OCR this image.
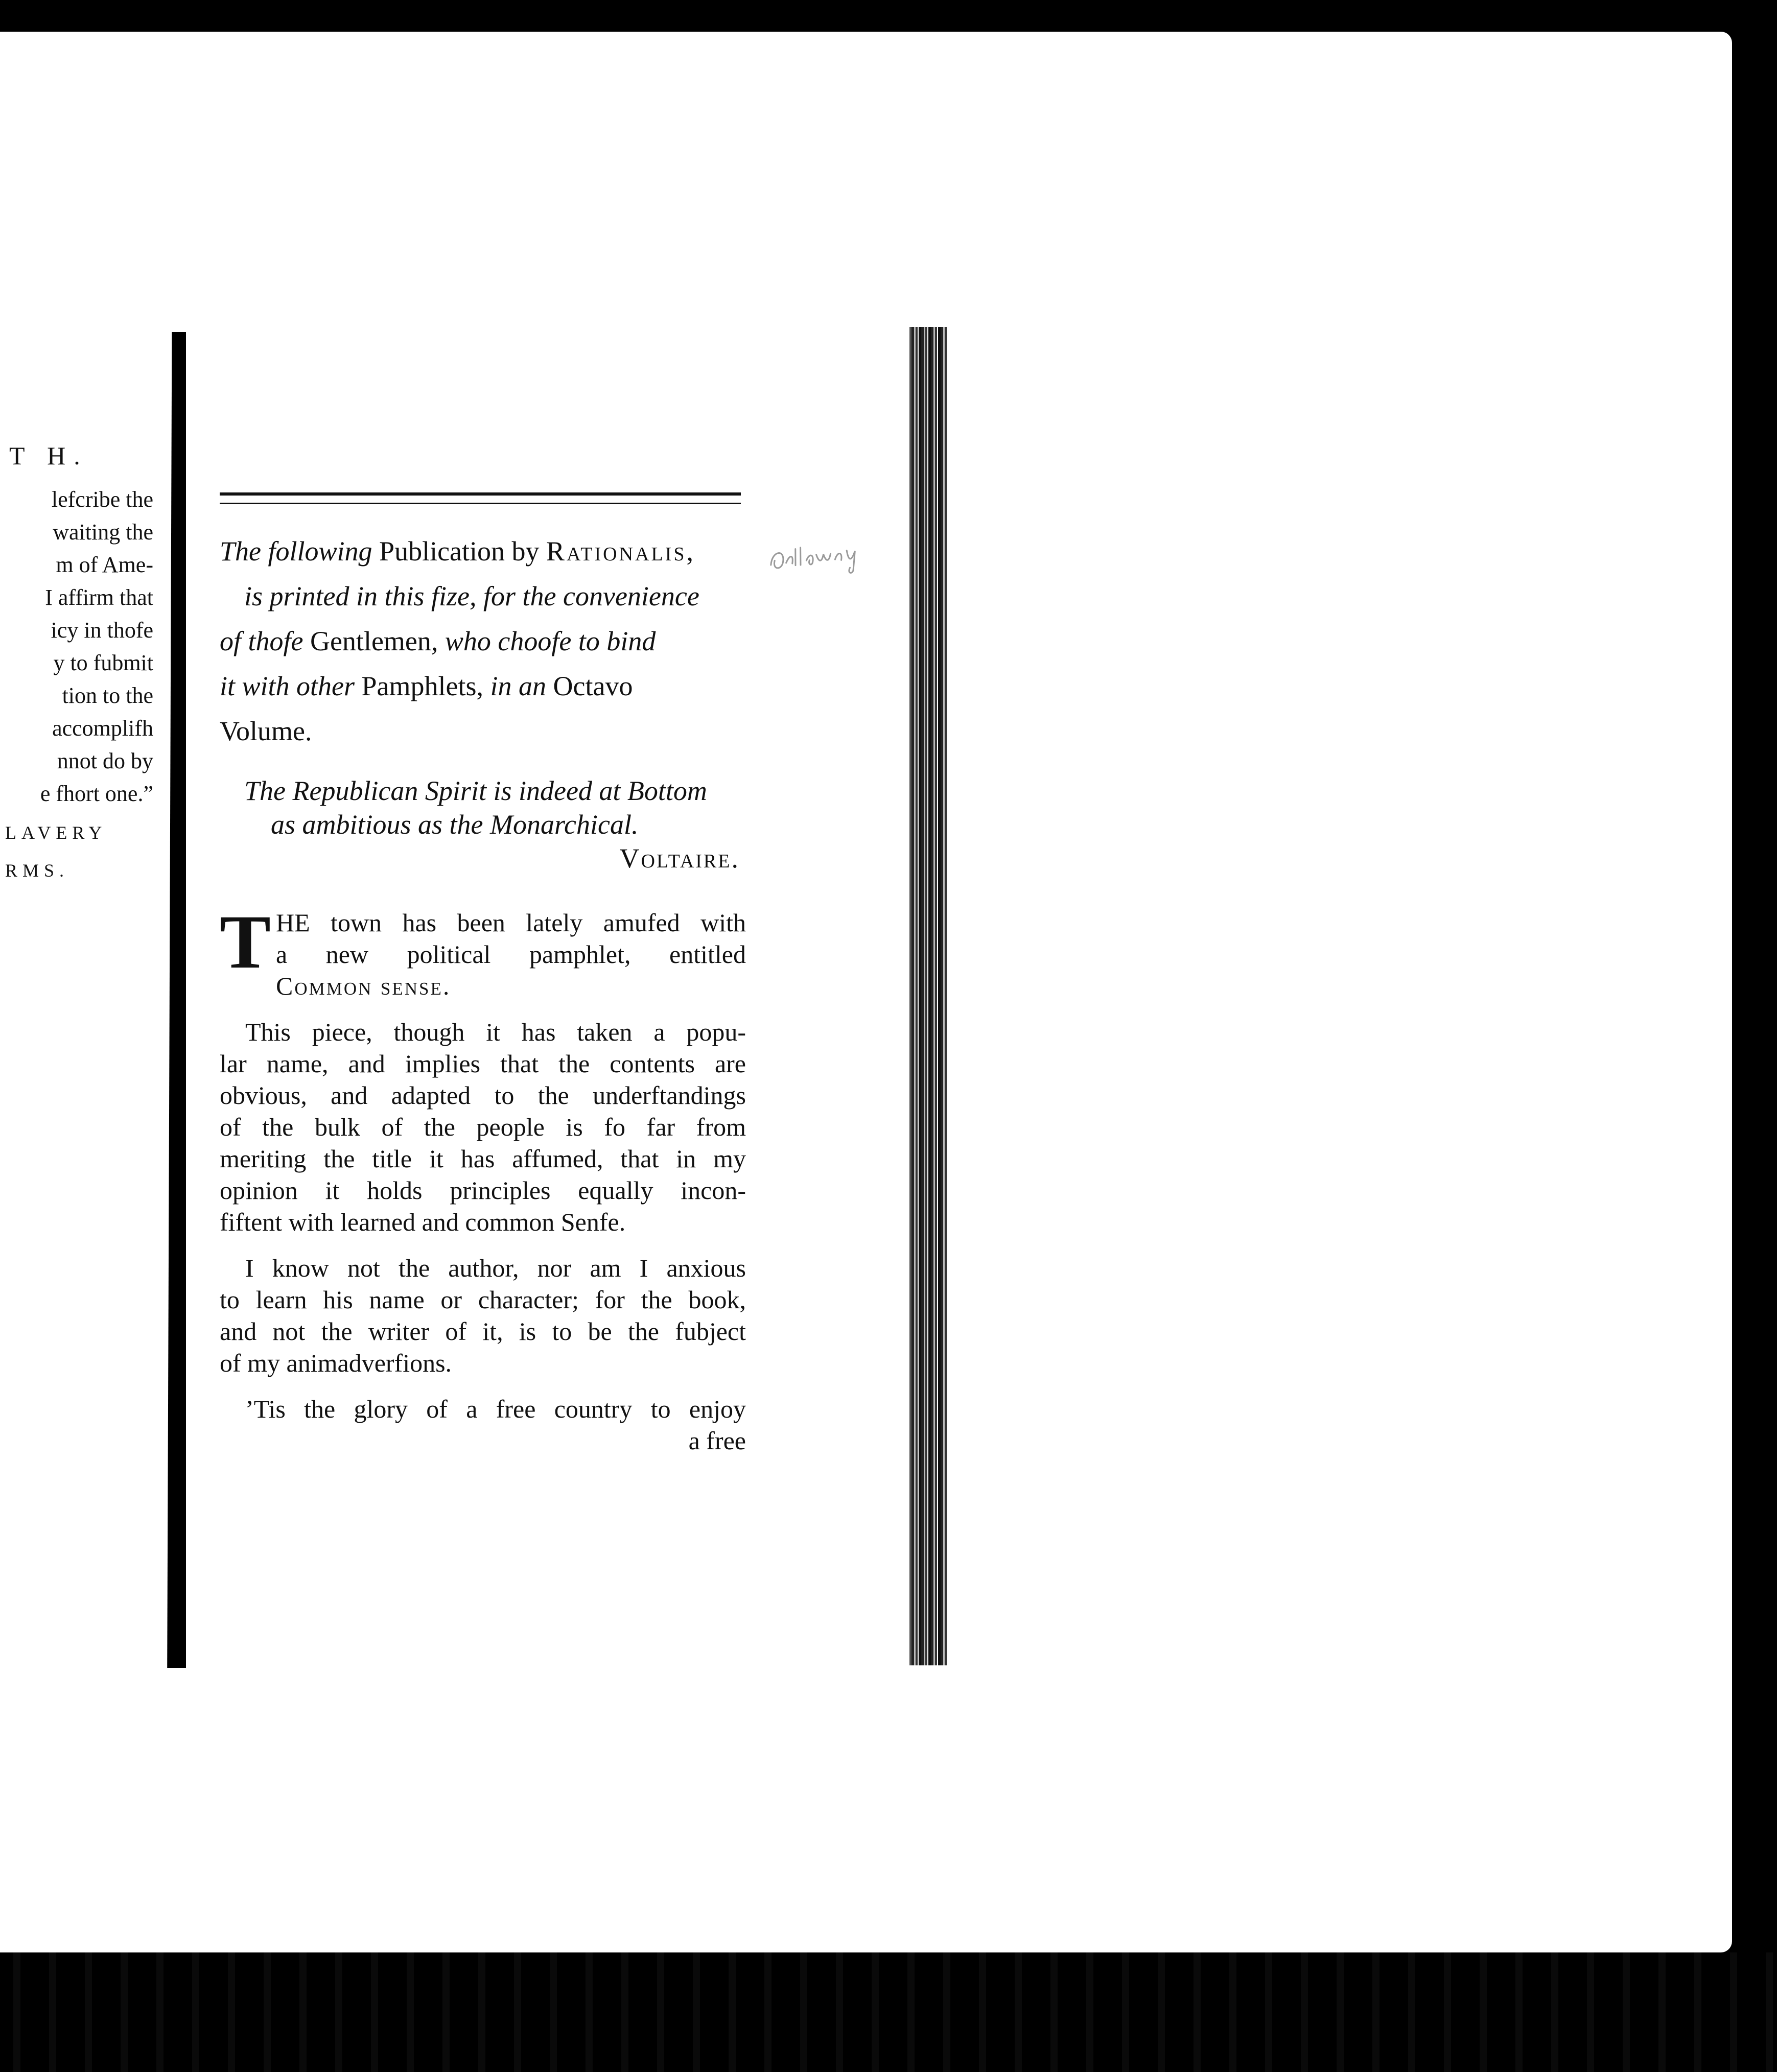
T H.
lefcribe the
waiting the
m of Ame-
I affirm that
icy in thofe
y to fubmit
tion to the
accomplifh
nnot do by
e fhort one.”
LAVERY
RMS.
The following Publication by Rationalis,
is printed in this fize, for the convenience
of thofe Gentlemen, who choofe to bind
it with other Pamphlets, in an Octavo
Volume.
The Republican Spirit is indeed at Bottom
as ambitious as the Monarchical.
Voltaire.
T HE town has been lately amufed with
a new political pamphlet, entitled
Common sense.
This piece, though it has taken a popu-
lar name, and implies that the contents are
obvious, and adapted to the underftandings
of the bulk of the people is fo far from
meriting the title it has affumed, that in my
opinion it holds principles equally incon-
fiftent with learned and common Senfe.
I know not the author, nor am I anxious
to learn his name or character; for the book,
and not the writer of it, is to be the fubject
of my animadverfions.
’Tis the glory of a free country to enjoy
a free
